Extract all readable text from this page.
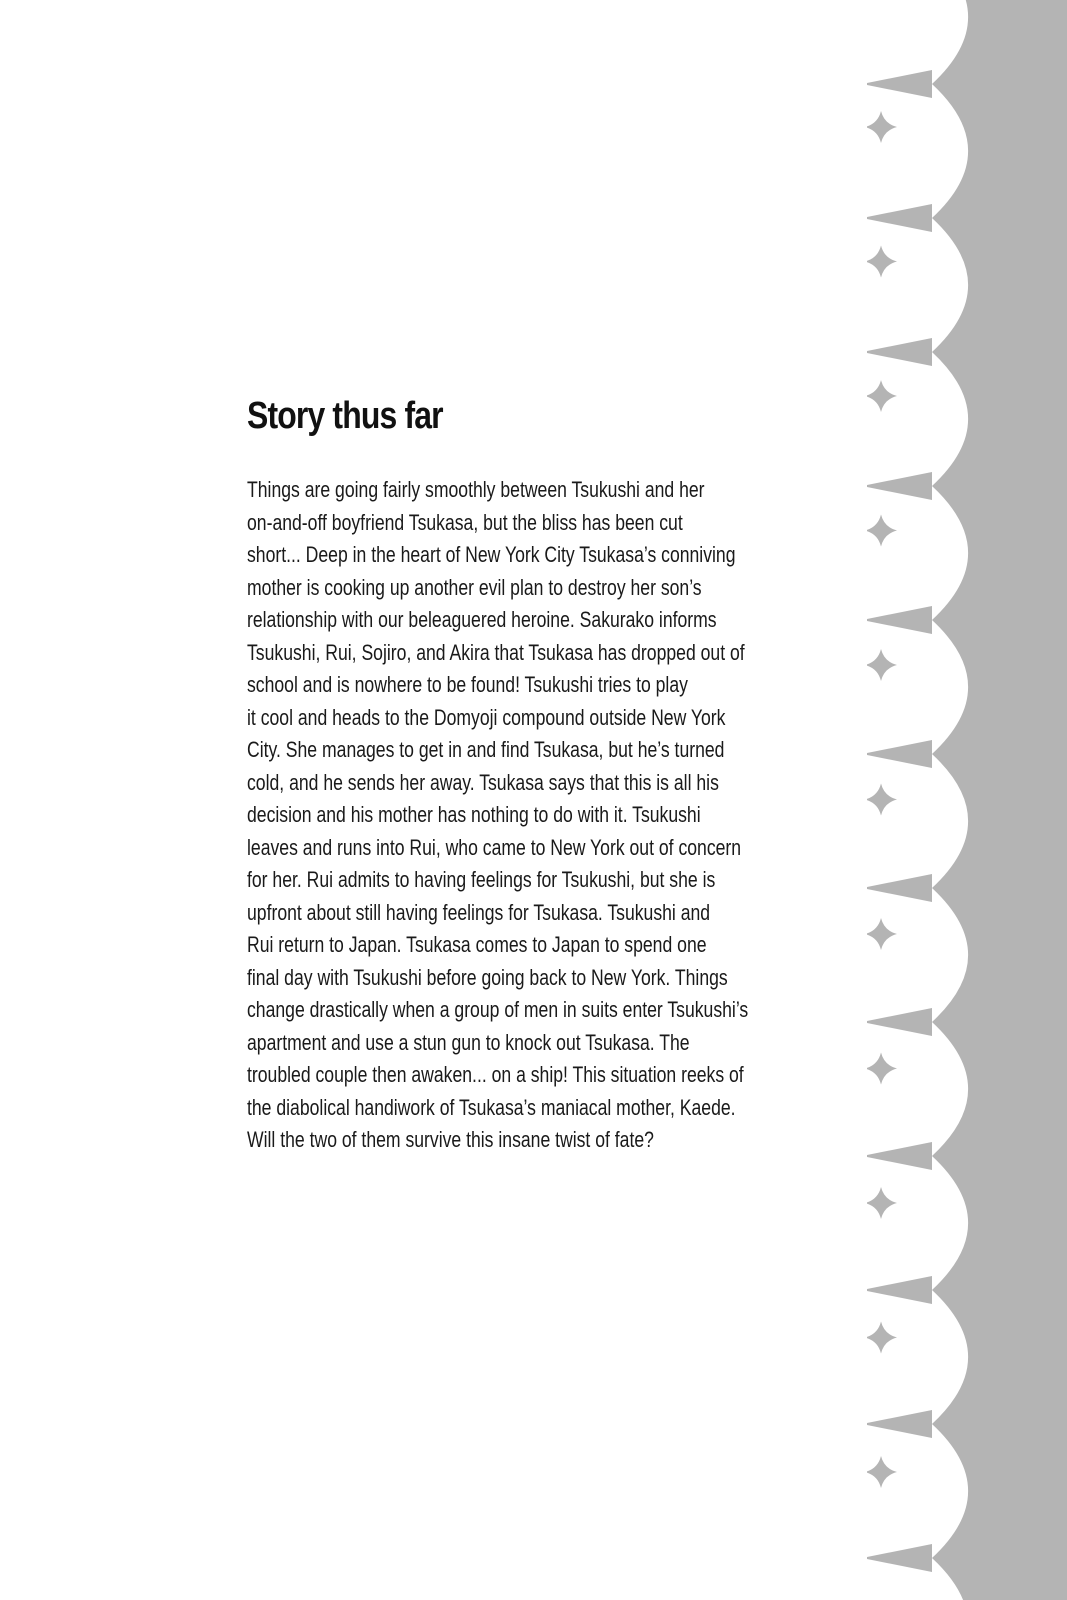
Story thus far

Things are going fairly smoothly between Tsukushi and her
on-and-off boyfriend Tsukasa, but the bliss has been cut
short... Deep in the heart of New York City Tsukasa’s conniving
mother is cooking up another evil plan to destroy her son’s
relationship with our beleaguered heroine. Sakurako informs
Tsukushi, Rui, Sojiro, and Akira that Tsukasa has dropped out of
school and is nowhere to be found! Tsukushi tries to play
it cool and heads to the Domyoji compound outside New York
City. She manages to get in and find Tsukasa, but he’s turned
cold, and he sends her away. Tsukasa says that this is all his
decision and his mother has nothing to do with it. Tsukushi
leaves and runs into Rui, who came to New York out of concern
for her. Rui admits to having feelings for Tsukushi, but she is
upfront about still having feelings for Tsukasa. Tsukushi and
Rui return to Japan. Tsukasa comes to Japan to spend one
final day with Tsukushi before going back to New York. Things
change drastically when a group of men in suits enter Tsukushi’s
apartment and use a stun gun to knock out Tsukasa. The
troubled couple then awaken... on a ship! This situation reeks of
the diabolical handiwork of Tsukasa’s maniacal mother, Kaede.
Will the two of them survive this insane twist of fate?
